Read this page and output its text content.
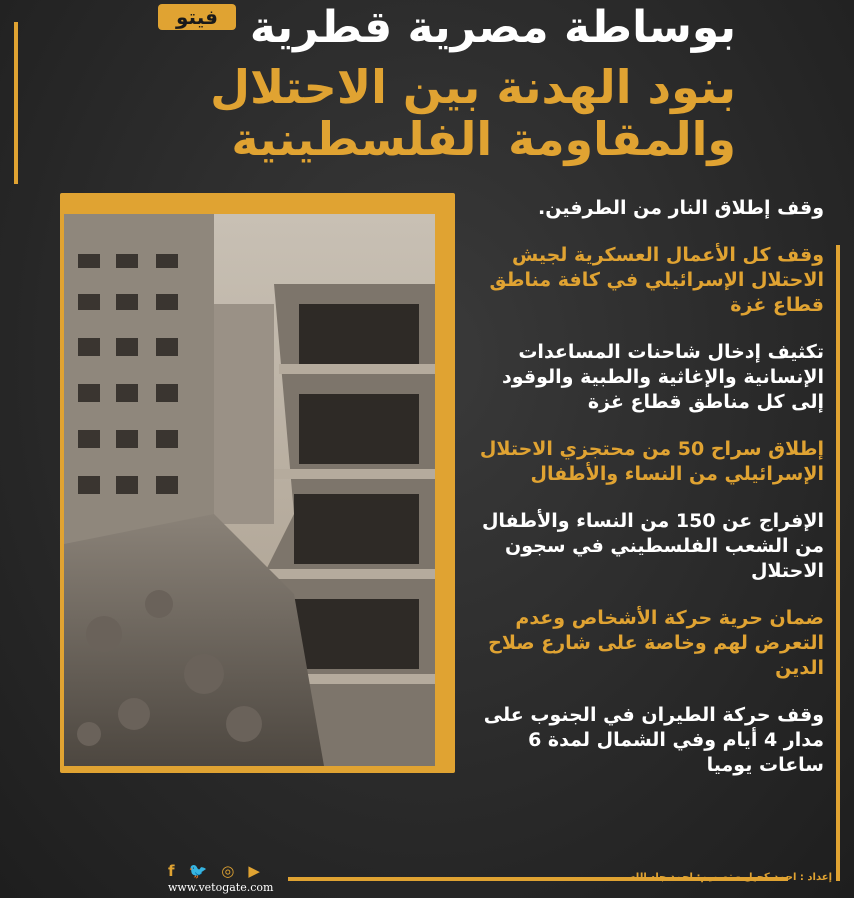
فيتو بوساطة مصرية قطرية
بنود الهدنة بين الاحتلال
والمقاومة الفلسطينية
وقف إطلاق النار من الطرفين.
وقف كل الأعمال العسكرية لجيش الاحتلال الإسرائيلي في كافة مناطق قطاع غزة
تكثيف إدخال شاحنات المساعدات الإنسانية والإغاثية والطبية والوقود إلى كل مناطق قطاع غزة
إطلاق سراح 50 من محتجزي الاحتلال الإسرائيلي من النساء والأطفال
الإفراج عن 150 من النساء والأطفال من الشعب الفلسطيني في سجون الاحتلال
ضمان حرية حركة الأشخاص وعدم التعرض لهم وخاصة على شارع صلاح الدين
وقف حركة الطيران في الجنوب على مدار 4 أيام وفي الشمال لمدة 6 ساعات يوميا
f 🐦 ◎ ▶
www.vetogate.com
إعداد : احمد كحيل - تصميم: احمد جاد الله
